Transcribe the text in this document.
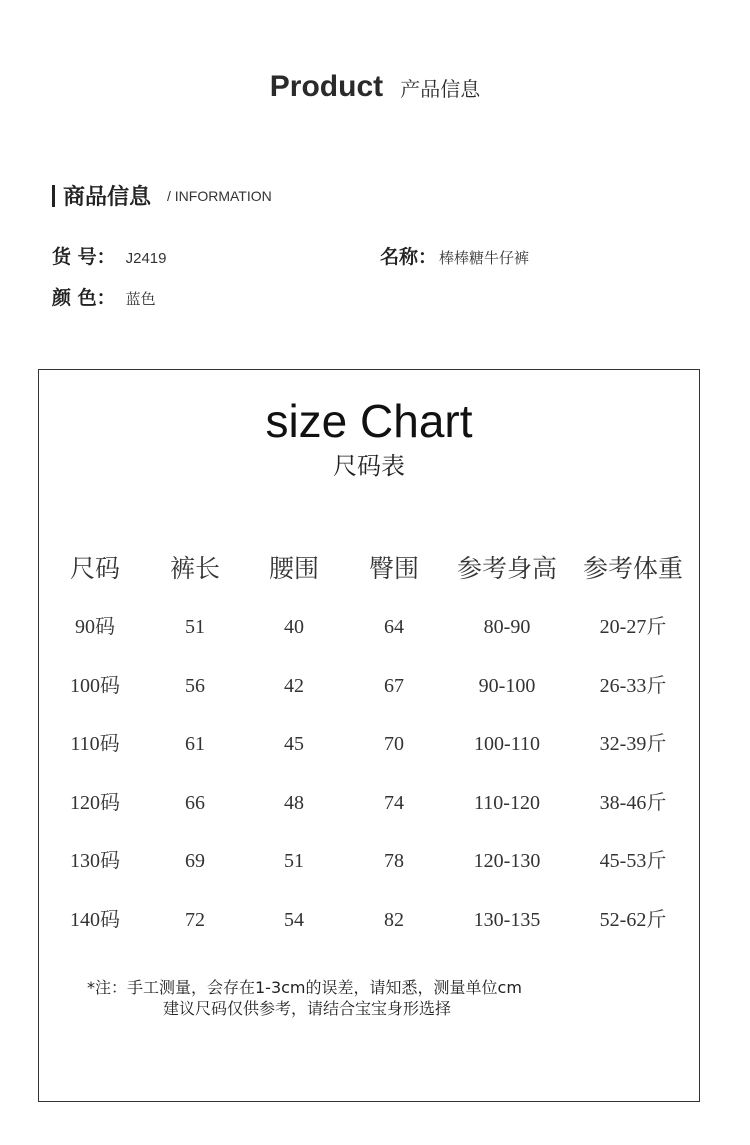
Product 产品信息
商品信息 / INFORMATION
货 号： J2419	名称： 棒棒糖牛仔裤
颜 色： 蓝色
size Chart
尺码表
尺码	裤长	腰围	臀围	参考身高	参考体重
90码	51	40	64	80-90	20-27斤
100码	56	42	67	90-100	26-33斤
110码	61	45	70	100-110	32-39斤
120码	66	48	74	110-120	38-46斤
130码	69	51	78	120-130	45-53斤
140码	72	54	82	130-135	52-62斤
*注：手工测量，会存在1-3cm的误差，请知悉，测量单位cm
建议尺码仅供参考，请结合宝宝身形选择
